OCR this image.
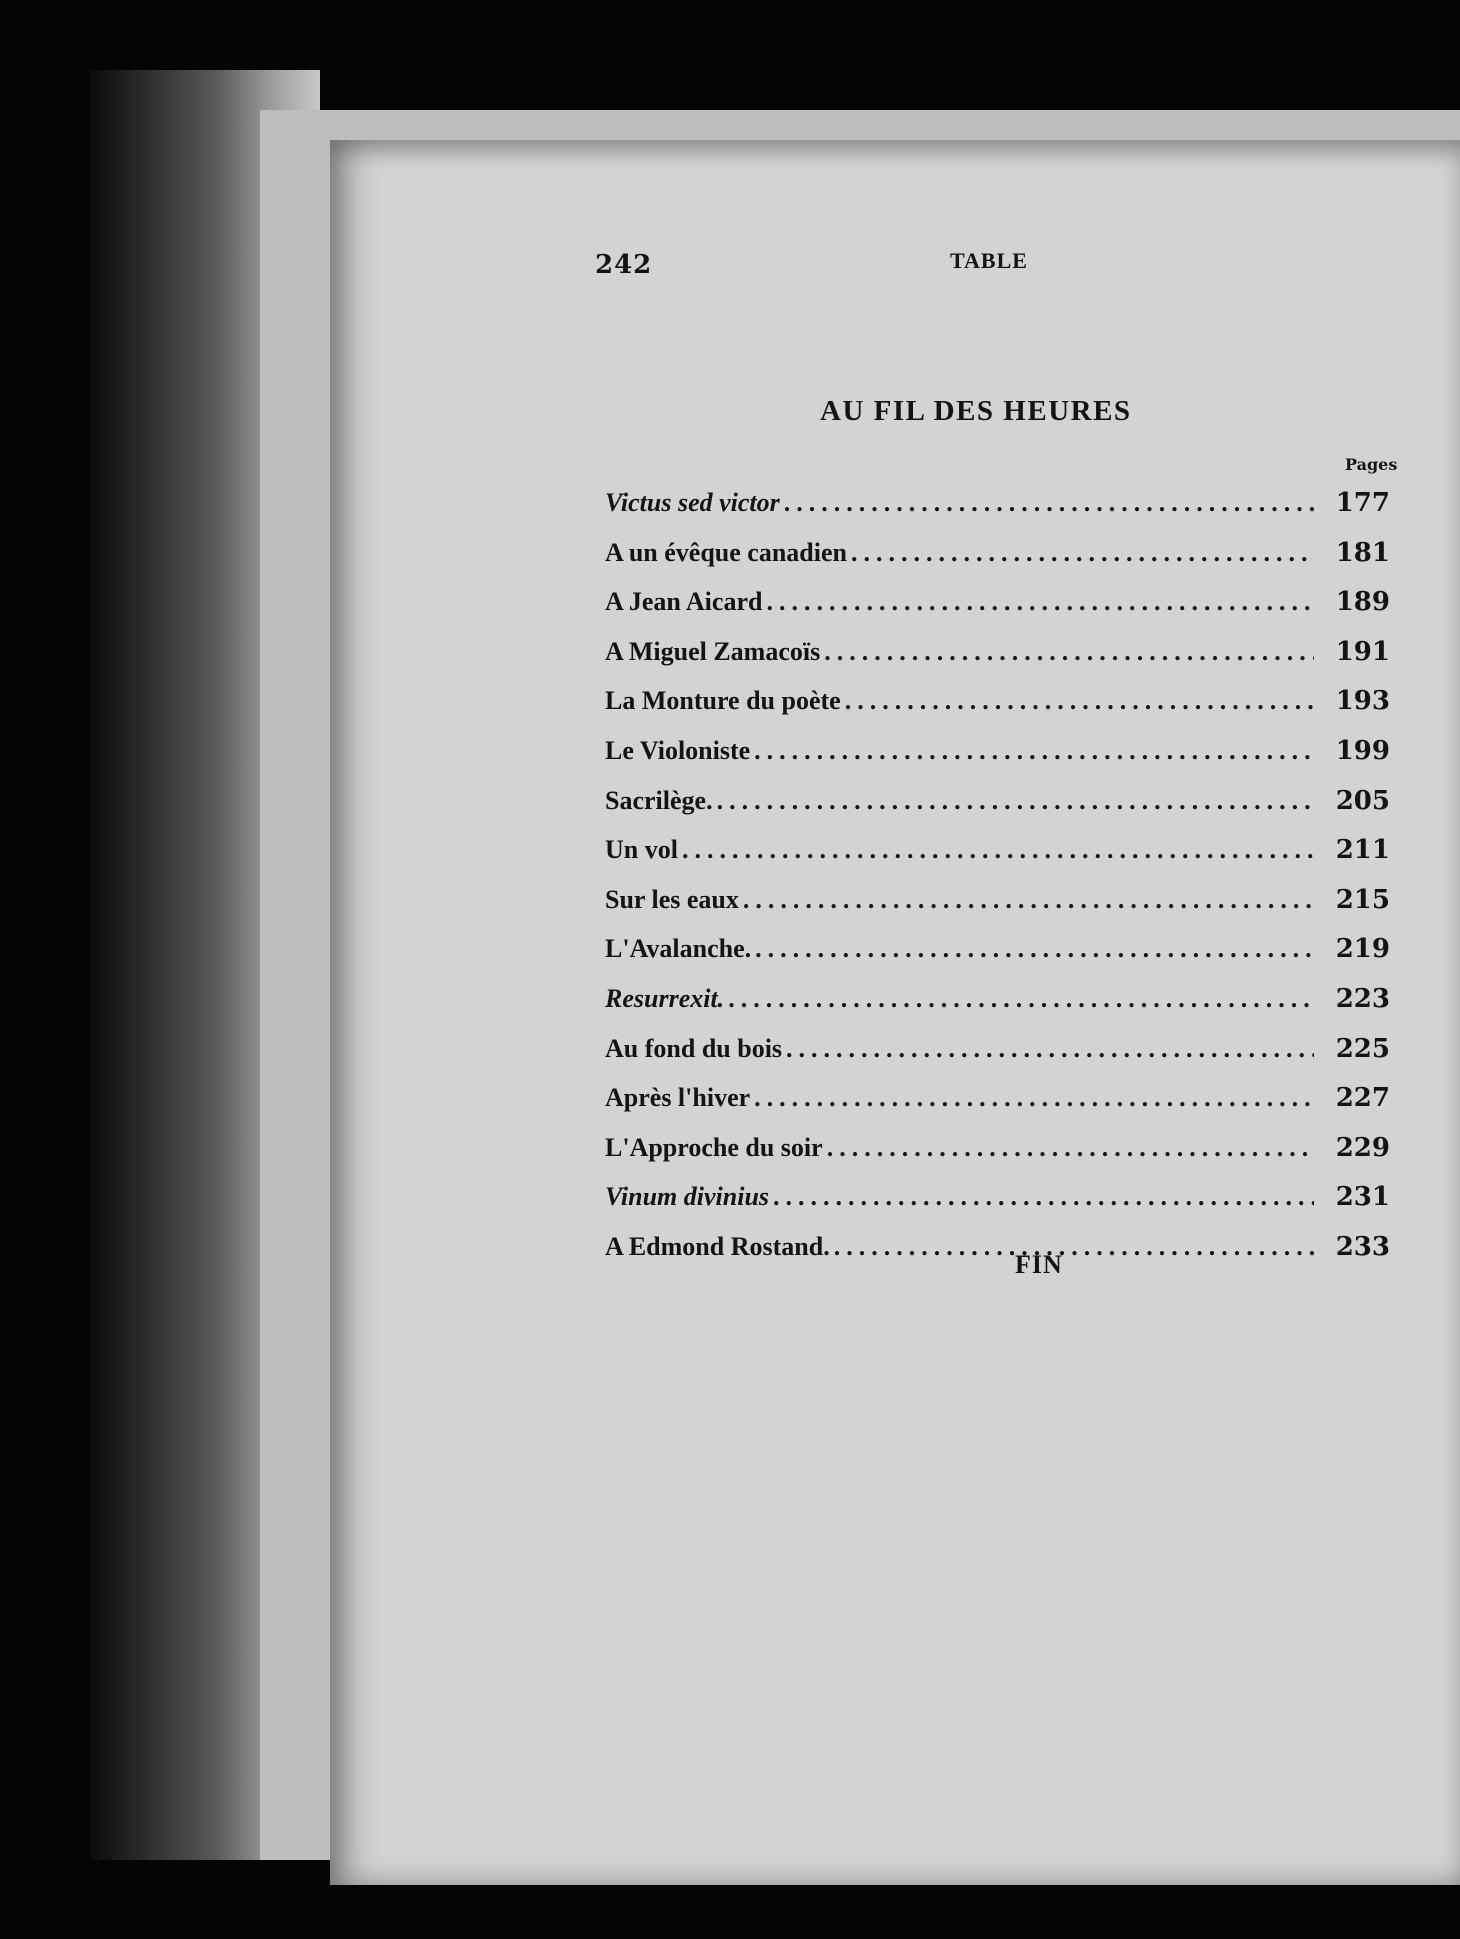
242	TABLE
AU FIL DES HEURES
Pages
Victus sed victor .....	177
A un évêque canadien .....	181
A Jean Aicard .....	189
A Miguel Zamacoïs .....	191
La Monture du poète .....	193
Le Violoniste .....	199
Sacrilège. .....	205
Un vol .....	211
Sur les eaux .....	215
L'Avalanche. .....	219
Resurrexit. .....	223
Au fond du bois .....	225
Après l'hiver .....	227
L'Approche du soir .....	229
Vinum divinius .....	231
A Edmond Rostand. .....	233
FIN
